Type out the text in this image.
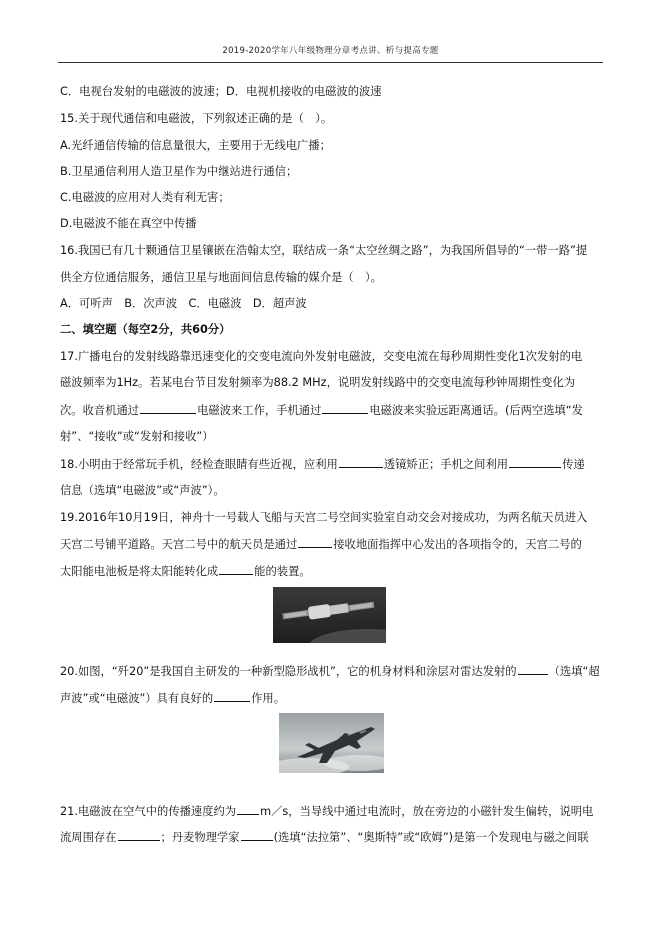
2019-2020学年八年级物理分章考点讲、析与提高专题
C．电视台发射的电磁波的波速；D．电视机接收的电磁波的波速
15.关于现代通信和电磁波，下列叙述正确的是（　）。
A.光纤通信传输的信息量很大，主要用于无线电广播；
B.卫星通信利用人造卫星作为中继站进行通信；
C.电磁波的应用对人类有利无害；
D.电磁波不能在真空中传播
16.我国已有几十颗通信卫星镶嵌在浩翰太空，联结成一条“太空丝绸之路”，为我国所倡导的“一带一路”提
供全方位通信服务，通信卫星与地面间信息传输的媒介是（　）。
A．可听声　B．次声波　C．电磁波　D．超声波
二、填空题（每空2分，共60分）
17.广播电台的发射线路靠迅速变化的交变电流向外发射电磁波，交变电流在每秒周期性变化1次发射的电
磁波频率为1Hz。若某电台节目发射频率为88.2 MHz，说明发射线路中的交变电流每秒钟周期性变化为
次。收音机通过	电磁波来工作，手机通过	电磁波来实验远距离通话。(后两空选填“发
射”、“接收”或“发射和接收”）
18.小明由于经常玩手机，经检查眼睛有些近视，应利用	透镜矫正；手机之间利用	传递
信息（选填“电磁波”或“声波”）。
19.2016年10月19日，神舟十一号载人飞船与天宫二号空间实验室自动交会对接成功，为两名航天员进入
天宫二号铺平道路。天宫二号中的航天员是通过	接收地面指挥中心发出的各项指令的，天宫二号的
太阳能电池板是将太阳能转化成	能的装置。
20.如图，“歼20”是我国自主研发的一种新型隐形战机”，它的机身材料和涂层对雷达发射的	（选填“超
声波”或“电磁波”）具有良好的	作用。
21.电磁波在空气中的传播速度约为 m／s，当导线中通过电流时，放在旁边的小磁针发生偏转，说明电
流周围存在	；丹麦物理学家	(选填“法拉第”、“奥斯特”或“欧姆”)是第一个发现电与磁之间联
